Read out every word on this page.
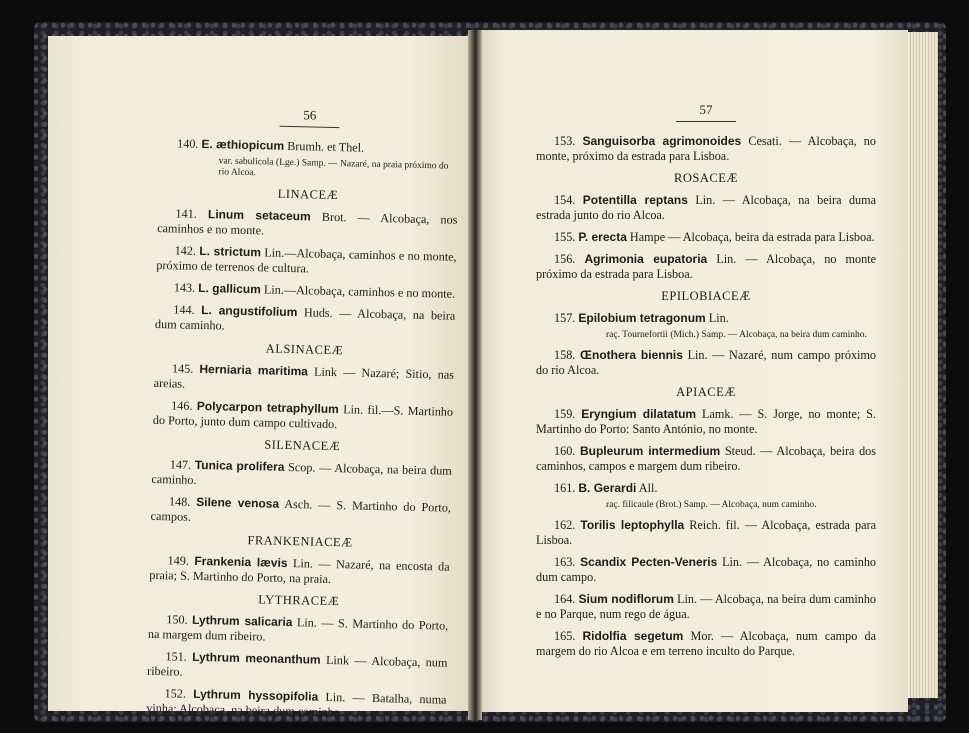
56
140. E. æthiopicum Brumh. et Thel.
var. sabulicola (Lge.) Samp. — Nazaré, na praia próximo do rio Alcoa.
LINACEÆ
141. Linum setaceum Brot. — Alcobaça, nos caminhos e no monte.
142. L. strictum Lin.—Alcobaça, caminhos e no monte, próximo de terrenos de cultura.
143. L. gallicum Lin.—Alcobaça, caminhos e no monte.
144. L. angustifolium Huds. — Alcobaça, na beira dum caminho.
ALSINACEÆ
145. Herniaria maritima Link — Nazaré; Sitio, nas areias.
146. Polycarpon tetraphyllum Lin. fil.—S. Martinho do Porto, junto dum campo cultivado.
SILENACEÆ
147. Tunica prolifera Scop. — Alcobaça, na beira dum caminho.
148. Silene venosa Asch. — S. Martinho do Porto, campos.
FRANKENIACEÆ
149. Frankenia lævis Lin. — Nazaré, na encosta da praia; S. Martinho do Porto, na praia.
LYTHRACEÆ
150. Lythrum salicaria Lin. — S. Martinho do Porto, na margem dum ribeiro.
151. Lythrum meonanthum Link — Alcobaça, num ribeiro.
152. Lythrum hyssopifolia Lin. — Batalha, numa vinha; Alcobaça, na beira dum caminho.
57
153. Sanguisorba agrimonoides Cesati. — Alcobaça, no monte, próximo da estrada para Lisboa.
ROSACEÆ
154. Potentilla reptans Lin. — Alcobaça, na beira duma estrada junto do rio Alcoa.
155. P. erecta Hampe — Alcobaça, beira da estrada para Lisboa.
156. Agrimonia eupatoria Lin. — Alcobaça, no monte próximo da estrada para Lisboa.
EPILOBIACEÆ
157. Epilobium tetragonum Lin.
raç. Tournefortii (Mich.) Samp. — Alcobaça, na beira dum caminho.
158. Œnothera biennis Lin. — Nazaré, num campo próximo do rio Alcoa.
APIACEÆ
159. Eryngium dilatatum Lamk. — S. Jorge, no monte; S. Martinho do Porto: Santo António, no monte.
160. Bupleurum intermedium Steud. — Alcobaça, beira dos caminhos, campos e margem dum ribeiro.
161. B. Gerardi All.
raç. filicaule (Brot.) Samp. — Alcobaça, num caminho.
162. Torilis leptophylla Reich. fil. — Alcobaça, estrada para Lisboa.
163. Scandix Pecten-Veneris Lin. — Alcobaça, no caminho dum campo.
164. Sium nodiflorum Lin. — Alcobaça, na beira dum caminho e no Parque, num rego de água.
165. Ridolfia segetum Mor. — Alcobaça, num campo da margem do rio Alcoa e em terreno inculto do Parque.
